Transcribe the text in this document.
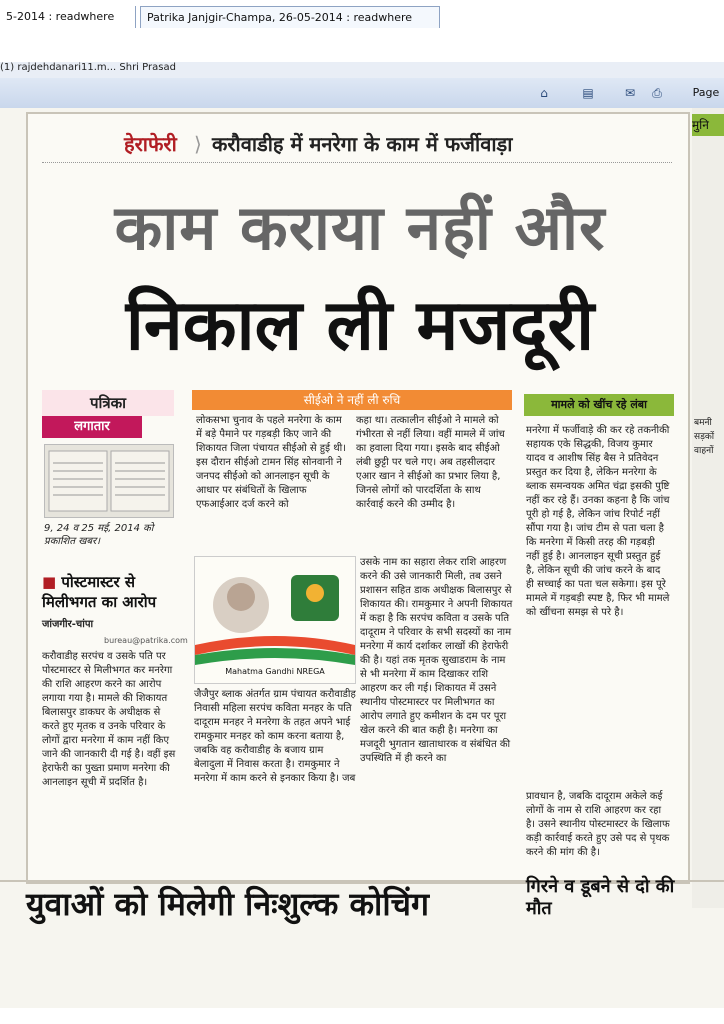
(1) rajdehdanari11.m... Shri Prasad
5-2014 : readwhere	Patrika Janjgir-Champa, 26-05-2014 : readwhere
⌂	▤	✉	⎙	Page
मुनि
हेराफेरी ⟩ करौवाडीह में मनरेगा के काम में फर्जीवाड़ा
काम कराया नहीं और
निकाल ली मजदूरी
पत्रिका
लगातार
9, 24 व 25 मई, 2014 को प्रकाशित खबर।
■ पोस्टमास्टर से मिलीभगत का आरोप
जांजगीर-चांपा
bureau@patrika.com
करौवाडीह सरपंच व उसके पति पर पोस्टमास्टर से मिलीभगत कर मनरेगा की राशि आहरण करने का आरोप लगाया गया है। मामले की शिकायत बिलासपुर डाकघर के अधीक्षक से करते हुए मृतक व उनके परिवार के लोगों द्वारा मनरेगा में काम नहीं किए जाने की जानकारी दी गई है। वहीं इस हेराफेरी का पुख्ता प्रमाण मनरेगा की आनलाइन सूची में प्रदर्शित है।
सीईओ ने नहीं ली रुचि
लोकसभा चुनाव के पहले मनरेगा के काम में बड़े पैमाने पर गड़बड़ी किए जाने की शिकायत जिला पंचायत सीईओ से हुई थी। इस दौरान सीईओ टामन सिंह सोनवानी ने जनपद सीईओ को आनलाइन सूची के आधार पर संबंधितों के खिलाफ एफआईआर दर्ज करने को
कहा था। तत्कालीन सीईओ ने मामले को गंभीरता से नहीं लिया। वहीं मामले में जांच का हवाला दिया गया। इसके बाद सीईओ लंबी छुट्टी पर चले गए। अब तहसीलदार एआर खान ने सीईओ का प्रभार लिया है, जिनसे लोगों को पारदर्शिता के साथ कार्रवाई करने की उम्मीद है।
Mahatma Gandhi NREGA
जैजैपुर ब्लाक अंतर्गत ग्राम पंचायत करौवाडीह निवासी महिला सरपंच कविता मनहर के पति दादूराम मनहर ने मनरेगा के तहत अपने भाई रामकुमार मनहर को काम करना बताया है, जबकि वह करौवाडीह के बजाय ग्राम बेलादुला में निवास करता है। रामकुमार ने मनरेगा में काम करने से इनकार किया है। जब
उसके नाम का सहारा लेकर राशि आहरण करने की उसे जानकारी मिली, तब उसने प्रशासन सहित डाक अधीक्षक बिलासपुर से शिकायत की। रामकुमार ने अपनी शिकायत में कहा है कि सरपंच कविता व उसके पति दादूराम ने परिवार के सभी सदस्यों का नाम मनरेगा में कार्य दर्शाकर लाखों की हेराफेरी की है। यहां तक मृतक सुखाडराम के नाम से भी मनरेगा में काम दिखाकर राशि आहरण कर ली गई। शिकायत में उसने स्थानीय पोस्टमास्टर पर मिलीभगत का आरोप लगाते हुए कमीशन के दम पर पूरा खेल करने की बात कही है। मनरेगा का मजदूरी भुगतान खाताधारक व संबंधित की उपस्थिति में ही करने का
मामले को खींच रहे लंबा
मनरेगा में फर्जीवाड़े की कर रहे तकनीकी सहायक एके सिद्धकी, विजय कुमार यादव व आशीष सिंह बैस ने प्रतिवेदन प्रस्तुत कर दिया है, लेकिन मनरेगा के ब्लाक समन्वयक अमित चंद्रा इसकी पुष्टि नहीं कर रहे हैं। उनका कहना है कि जांच पूरी हो गई है, लेकिन जांच रिपोर्ट नहीं सौंपा गया है। जांच टीम से पता चला है कि मनरेगा में किसी तरह की गड़बड़ी नहीं हुई है। आनलाइन सूची प्रस्तुत हुई है, लेकिन सूची की जांच करने के बाद ही सच्चाई का पता चल सकेगा। इस पूरे मामले में गड़बड़ी स्पष्ट है, फिर भी मामले को खींचना समझ से परे है।
प्रावधान है, जबकि दादूराम अकेले कई लोगों के नाम से राशि आहरण कर रहा है। उसने स्थानीय पोस्टमास्टर के खिलाफ कड़ी कार्रवाई करते हुए उसे पद से पृथक करने की मांग की है।
युवाओं को मिलेगी निःशुल्क कोचिंग	गिरने व डूबने से दो की मौत
बमनी सड़कों वाहनों
